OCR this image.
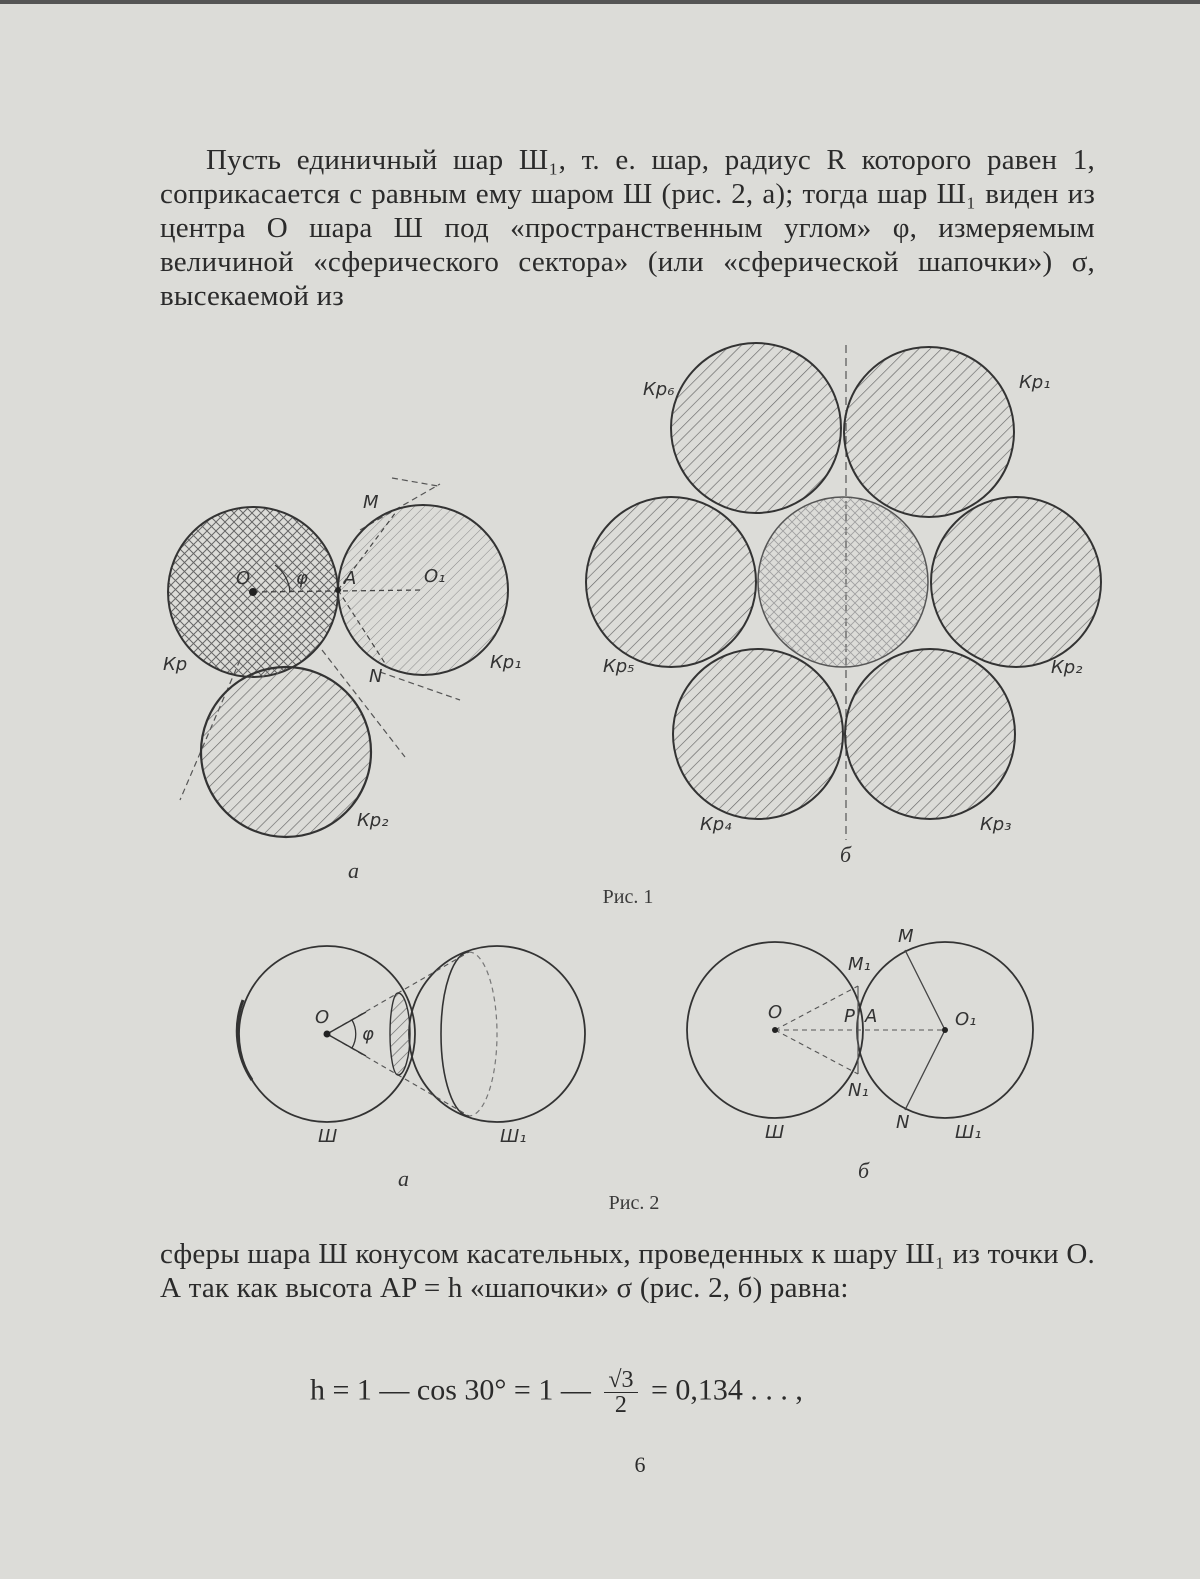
Пусть единичный шар Ш₁, т. е. шар, радиус R которого равен 1, соприкасается с равным ему шаром Ш (рис. 2, а); тогда шар Ш₁ виден из центра O шара Ш под «пространственным углом» φ, измеряемым величиной «сферического сектора» (или «сферической шапочки») σ, высекаемой из
O	φ A	O₁
M
N
Кр	Кр₁
Кр₂
a
Кр₆	Кр₁
Кр₅	Кр₂
Кр₄	Кр₃
б
O
φ
Ш	Ш₁
a
O	P A	O₁
M
M₁
N₁
N
Ш	Ш₁
б
Рис. 1
Рис. 2
сферы шара Ш конусом касательных, проведенных к шару Ш₁ из точки O. А так как высота AP = h «шапочки» σ (рис. 2, б) равна:
h = 1 — cos 30° = 1 — $\frac{√3}{2} = 0,134$ . . . ,
6
